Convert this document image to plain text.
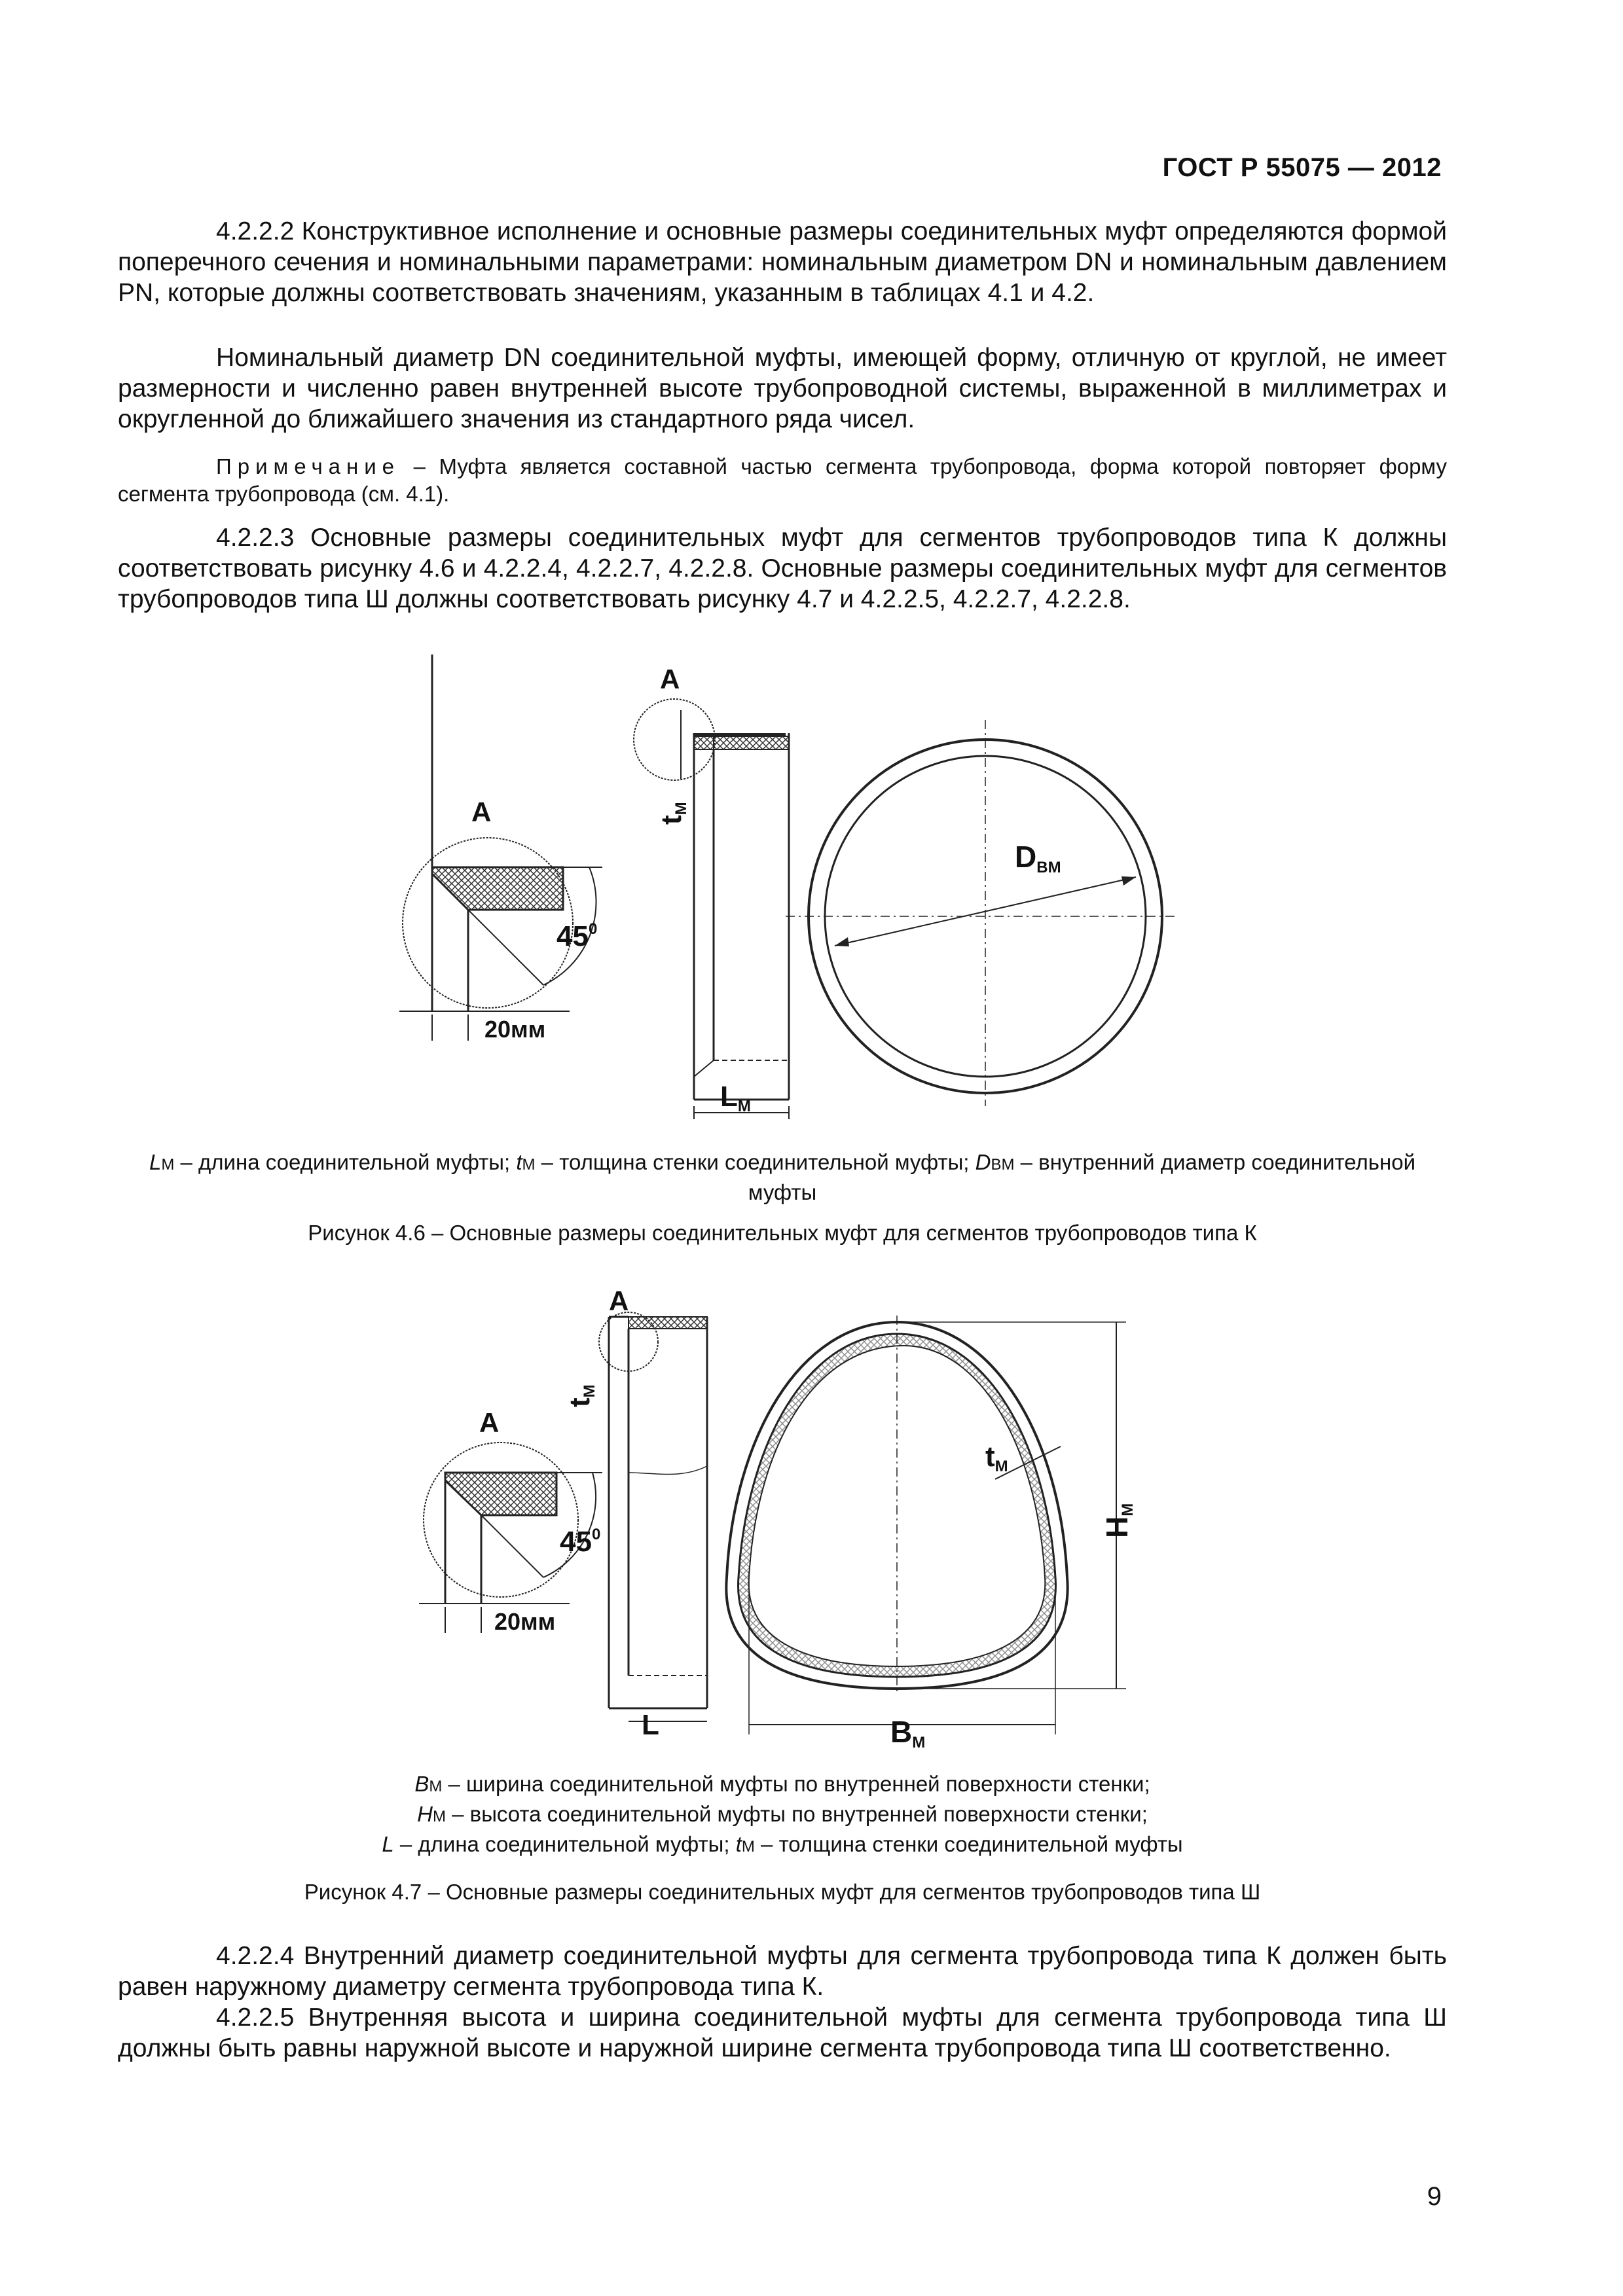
ГОСТ Р 55075 — 2012

4.2.2.2 Конструктивное исполнение и основные размеры соединительных муфт определяются формой поперечного сечения и номинальными параметрами: номинальным диаметром DN и номинальным давлением PN, которые должны соответствовать значениям, указанным в таблицах 4.1 и 4.2.

Номинальный диаметр DN соединительной муфты, имеющей форму, отличную от круглой, не имеет размерности и численно равен внутренней высоте трубопроводной системы, выраженной в миллиметрах и округленной до ближайшего значения из стандартного ряда чисел.

Примечание – Муфта является составной частью сегмента трубопровода, форма которой повторяет форму сегмента трубопровода (см. 4.1).

4.2.2.3 Основные размеры соединительных муфт для сегментов трубопроводов типа К должны соответствовать рисунку 4.6 и 4.2.2.4, 4.2.2.7, 4.2.2.8. Основные размеры соединительных муфт для сегментов трубопроводов типа Ш должны соответствовать рисунку 4.7 и 4.2.2.5, 4.2.2.7, 4.2.2.8.

А
tМ
LМ
DВМ
А
$45^0$
20мм

LМ – длина соединительной муфты; tМ – толщина стенки соединительной муфты; DВМ – внутренний диаметр соединительной муфты

Рисунок 4.6 – Основные размеры соединительных муфт для сегментов трубопроводов типа К

А
tМ
L
tМ
HМ
BМ
А
$45^0$
20мм
ВМ – ширина соединительной муфты по внутренней поверхности стенки;
НМ – высота соединительной муфты по внутренней поверхности стенки;
L – длина соединительной муфты; tМ – толщина стенки соединительной муфты

Рисунок 4.7 – Основные размеры соединительных муфт для сегментов трубопроводов типа Ш

4.2.2.4 Внутренний диаметр соединительной муфты для сегмента трубопровода типа К должен быть равен наружному диаметру сегмента трубопровода типа К.

4.2.2.5 Внутренняя высота и ширина соединительной муфты для сегмента трубопровода типа Ш должны быть равны наружной высоте и наружной ширине сегмента трубопровода типа Ш соответственно.

9
